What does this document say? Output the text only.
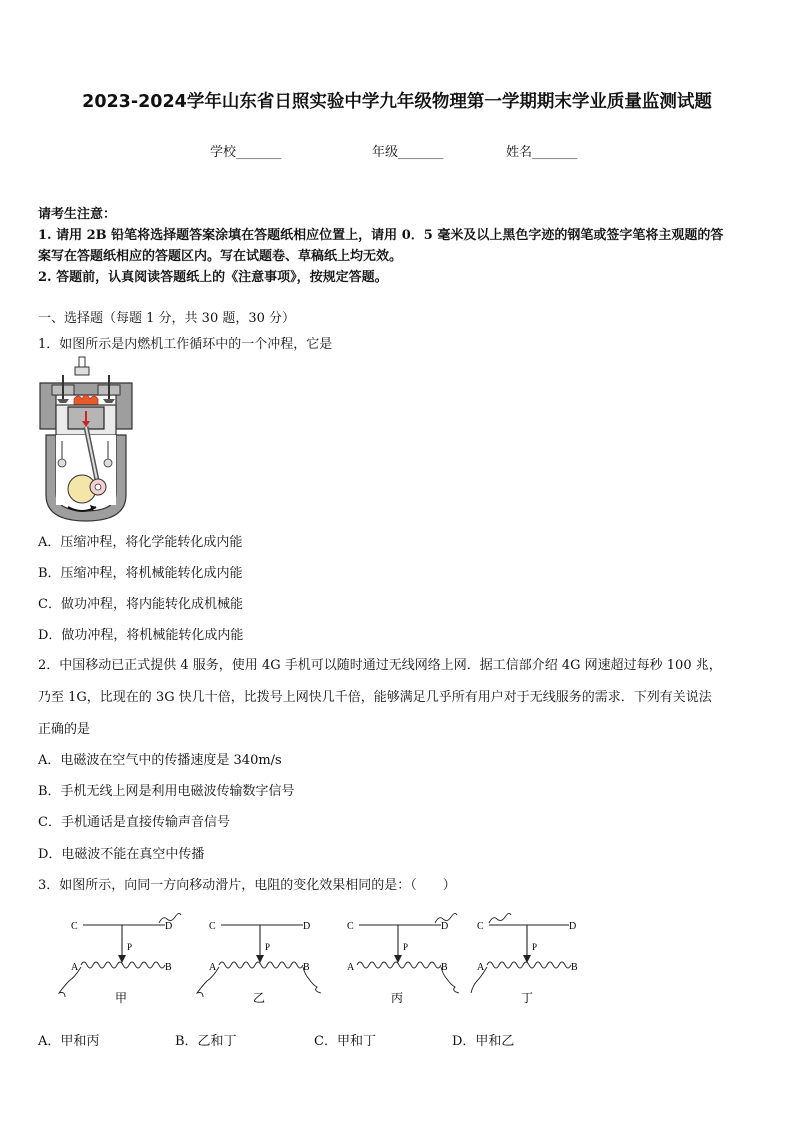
2023-2024学年山东省日照实验中学九年级物理第一学期期末学业质量监测试题
学校_______	年级_______	姓名_______
请考生注意：
1. 请用 2B 铅笔将选择题答案涂填在答题纸相应位置上，请用 0．5 毫米及以上黑色字迹的钢笔或签字笔将主观题的答
案写在答题纸相应的答题区内。写在试题卷、草稿纸上均无效。
2. 答题前，认真阅读答题纸上的《注意事项》，按规定答题。
一、选择题（每题 1 分，共 30 题，30 分）
1．如图所示是内燃机工作循环中的一个冲程，它是
A．压缩冲程，将化学能转化成内能
B．压缩冲程，将机械能转化成内能
C．做功冲程，将内能转化成机械能
D．做功冲程，将机械能转化成内能
2．中国移动已正式提供 4 服务，使用 4G 手机可以随时通过无线网络上网．据工信部介绍 4G 网速超过每秒 100 兆，
乃至 1G，比现在的 3G 快几十倍，比拨号上网快几千倍，能够满足几乎所有用户对于无线服务的需求．下列有关说法
正确的是
A．电磁波在空气中的传播速度是 340m/s
B．手机无线上网是利用电磁波传输数字信号
C．手机通话是直接传输声音信号
D．电磁波不能在真空中传播
3．如图所示，向同一方向移动滑片，电阻的变化效果相同的是：（　　）
C	D
P
A	B
甲
C	D
P
A	B
乙
C	D
P
A	B
丙
C	D
P
A	B
丁
A．甲和丙	B．乙和丁	C．甲和丁	D．甲和乙
